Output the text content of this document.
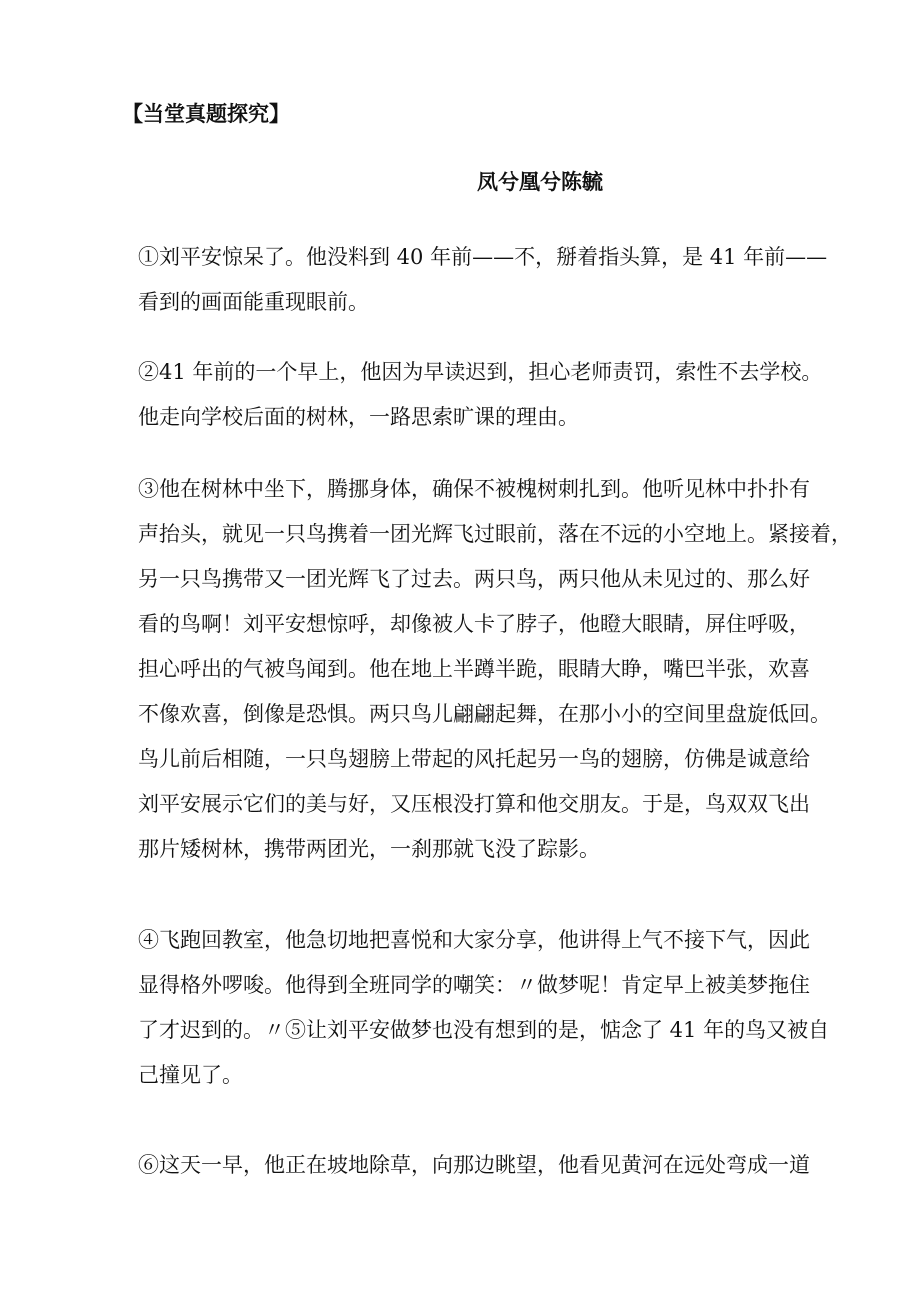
【当堂真题探究】
凤兮凰兮陈毓

①刘平安惊呆了。他没料到 40 年前——不，掰着指头算，是 41 年前——
看到的画面能重现眼前。

②41 年前的一个早上，他因为早读迟到，担心老师责罚，索性不去学校。
他走向学校后面的树林，一路思索旷课的理由。

③他在树林中坐下，腾挪身体，确保不被槐树刺扎到。他听见林中扑扑有
声抬头，就见一只鸟携着一团光辉飞过眼前，落在不远的小空地上。紧接着，
另一只鸟携带又一团光辉飞了过去。两只鸟，两只他从未见过的、那么好
看的鸟啊！刘平安想惊呼，却像被人卡了脖子，他瞪大眼睛，屏住呼吸，
担心呼出的气被鸟闻到。他在地上半蹲半跪，眼睛大睁，嘴巴半张，欢喜
不像欢喜，倒像是恐惧。两只鸟儿翩翩起舞，在那小小的空间里盘旋低回。
鸟儿前后相随，一只鸟翅膀上带起的风托起另一鸟的翅膀，仿佛是诚意给
刘平安展示它们的美与好，又压根没打算和他交朋友。于是，鸟双双飞出
那片矮树林，携带两团光，一刹那就飞没了踪影。

④飞跑回教室，他急切地把喜悦和大家分享，他讲得上气不接下气，因此
显得格外啰唆。他得到全班同学的嘲笑：〃做梦呢！肯定早上被美梦拖住
了才迟到的。〃⑤让刘平安做梦也没有想到的是，惦念了 41 年的鸟又被自
己撞见了。

⑥这天一早，他正在坡地除草，向那边眺望，他看见黄河在远处弯成一道
